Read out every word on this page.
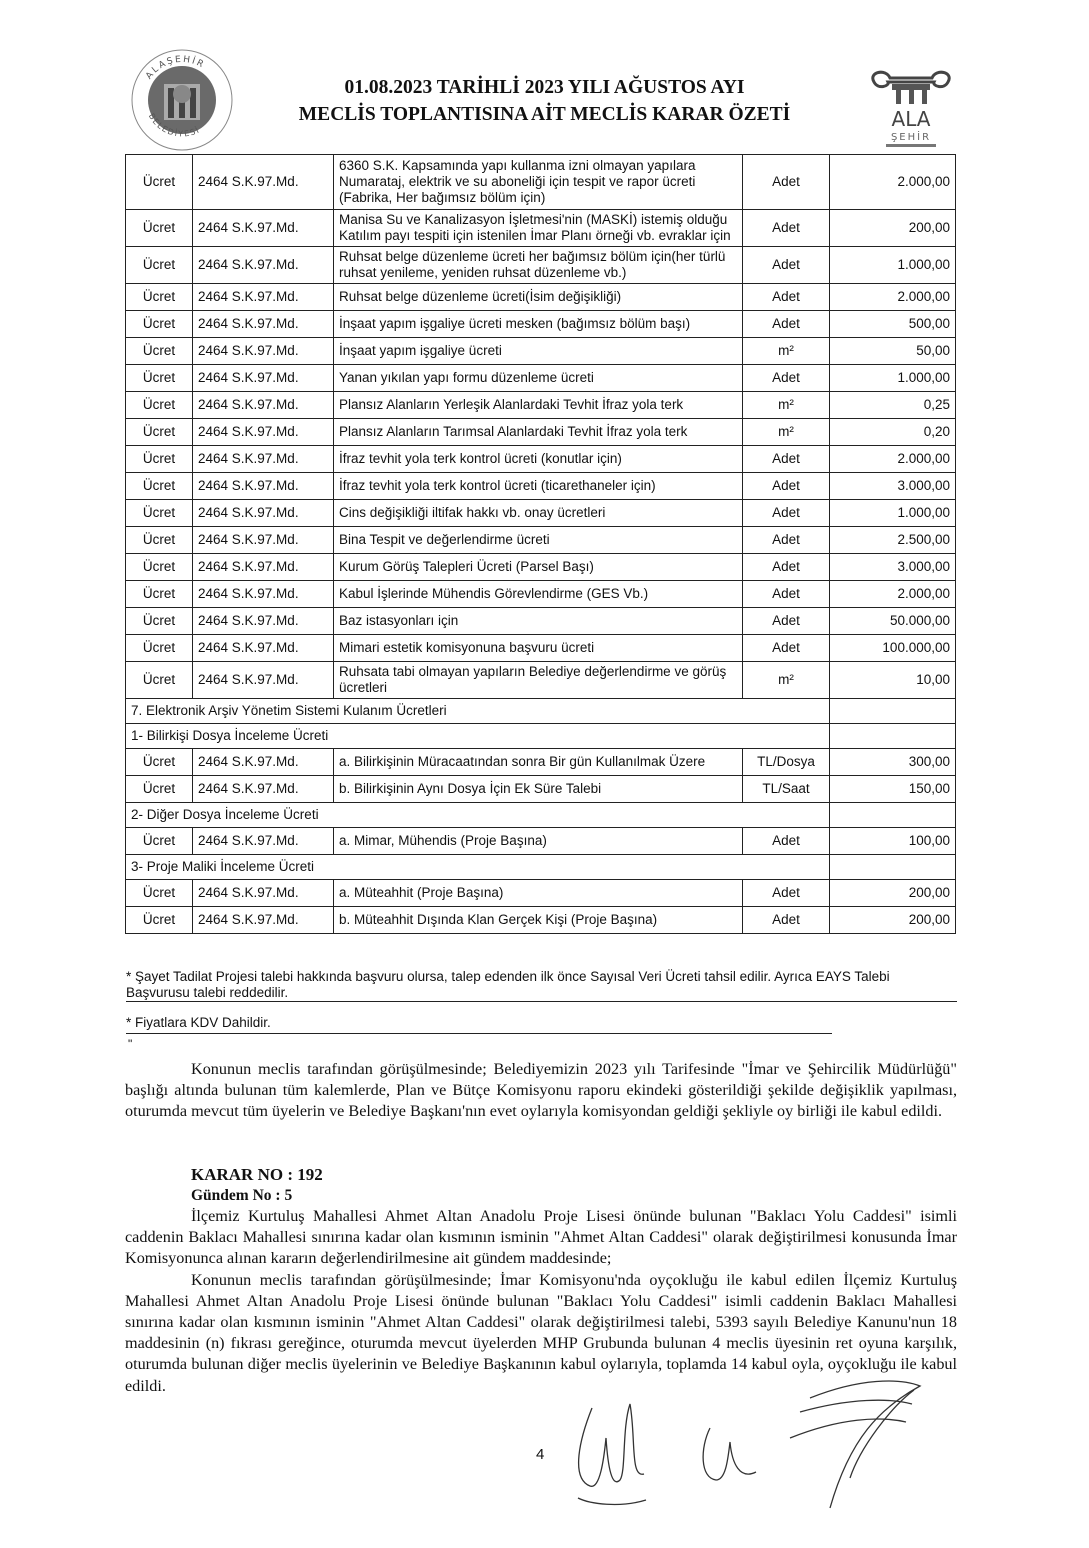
ALAŞEHİR
BELEDİYESİ	ALA
ŞEHİR
01.08.2023 TARİHLİ 2023 YILI AĞUSTOS AYI
MECLİS TOPLANTISINA AİT MECLİS KARAR ÖZETİ
Ücret	2464 S.K.97.Md.	6360 S.K. Kapsamında yapı kullanma izni olmayan yapılara
Numarataj, elektrik ve su aboneliği için tespit ve rapor ücreti
(Fabrika, Her bağımsız bölüm için)	Adet	2.000,00
Ücret	2464 S.K.97.Md.	Manisa Su ve Kanalizasyon İşletmesi'nin (MASKİ) istemiş olduğu
Katılım payı tespiti için istenilen İmar Planı örneği vb. evraklar için	Adet	200,00
Ücret	2464 S.K.97.Md.	Ruhsat belge düzenleme ücreti her bağımsız bölüm için(her türlü
ruhsat yenileme, yeniden ruhsat düzenleme vb.)	Adet	1.000,00
Ücret	2464 S.K.97.Md.	Ruhsat belge düzenleme ücreti(İsim değişikliği)	Adet	2.000,00
Ücret	2464 S.K.97.Md.	İnşaat yapım işgaliye ücreti mesken (bağımsız bölüm başı)	Adet	500,00
Ücret	2464 S.K.97.Md.	İnşaat yapım işgaliye ücreti	m²	50,00
Ücret	2464 S.K.97.Md.	Yanan yıkılan yapı formu düzenleme ücreti	Adet	1.000,00
Ücret	2464 S.K.97.Md.	Plansız Alanların Yerleşik Alanlardaki Tevhit İfraz yola terk	m²	0,25
Ücret	2464 S.K.97.Md.	Plansız Alanların Tarımsal Alanlardaki Tevhit İfraz yola terk	m²	0,20
Ücret	2464 S.K.97.Md.	İfraz tevhit yola terk kontrol ücreti (konutlar için)	Adet	2.000,00
Ücret	2464 S.K.97.Md.	İfraz tevhit yola terk kontrol ücreti (ticarethaneler için)	Adet	3.000,00
Ücret	2464 S.K.97.Md.	Cins değişikliği iltifak hakkı vb. onay ücretleri	Adet	1.000,00
Ücret	2464 S.K.97.Md.	Bina Tespit ve değerlendirme ücreti	Adet	2.500,00
Ücret	2464 S.K.97.Md.	Kurum Görüş Talepleri Ücreti (Parsel Başı)	Adet	3.000,00
Ücret	2464 S.K.97.Md.	Kabul İşlerinde Mühendis Görevlendirme (GES Vb.)	Adet	2.000,00
Ücret	2464 S.K.97.Md.	Baz istasyonları için	Adet	50.000,00
Ücret	2464 S.K.97.Md.	Mimari estetik komisyonuna başvuru ücreti	Adet	100.000,00
Ücret	2464 S.K.97.Md.	Ruhsata tabi olmayan yapıların Belediye değerlendirme ve görüş
ücretleri	m²	10,00
7. Elektronik Arşiv Yönetim Sistemi Kulanım Ücretleri				
1- Bilirkişi Dosya İnceleme Ücreti				
Ücret	2464 S.K.97.Md.	a. Bilirkişinin Müracaatından sonra Bir gün Kullanılmak Üzere	TL/Dosya	300,00
Ücret	2464 S.K.97.Md.	b. Bilirkişinin Aynı Dosya İçin Ek Süre Talebi	TL/Saat	150,00
2- Diğer Dosya İnceleme Ücreti				
Ücret	2464 S.K.97.Md.	a. Mimar, Mühendis (Proje Başına)	Adet	100,00
3- Proje Maliki İnceleme Ücreti				
Ücret	2464 S.K.97.Md.	a. Müteahhit (Proje Başına)	Adet	200,00
Ücret	2464 S.K.97.Md.	b. Müteahhit Dışında Klan Gerçek Kişi (Proje Başına)	Adet	200,00
* Şayet Tadilat Projesi talebi hakkında başvuru olursa, talep edenden ilk önce Sayısal Veri Ücreti tahsil edilir. Ayrıca EAYS Talebi
Başvurusu talebi reddedilir.
* Fiyatlara KDV Dahildir.
"

Konunun meclis tarafından görüşülmesinde; Belediyemizin 2023 yılı Tarifesinde "İmar ve Şehircilik Müdürlüğü" başlığı altında bulunan tüm kalemlerde, Plan ve Bütçe Komisyonu raporu ekindeki gösterildiği şekilde değişiklik yapılması, oturumda mevcut tüm üyelerin ve Belediye Başkanı'nın evet oylarıyla komisyondan geldiği şekliyle oy birliği ile kabul edildi.

KARAR NO : 192
Gündem No : 5

İlçemiz Kurtuluş Mahallesi Ahmet Altan Anadolu Proje Lisesi önünde bulunan "Baklacı Yolu Caddesi" isimli caddenin Baklacı Mahallesi sınırına kadar olan kısmının isminin "Ahmet Altan Caddesi" olarak değiştirilmesi konusunda İmar Komisyonunca alınan kararın değerlendirilmesine ait gündem maddesinde;

Konunun meclis tarafından görüşülmesinde; İmar Komisyonu'nda oyçokluğu ile kabul edilen İlçemiz Kurtuluş Mahallesi Ahmet Altan Anadolu Proje Lisesi önünde bulunan "Baklacı Yolu Caddesi" isimli caddenin Baklacı Mahallesi sınırına kadar olan kısmının isminin "Ahmet Altan Caddesi" olarak değiştirilmesi talebi, 5393 sayılı Belediye Kanunu'nun 18 maddesinin (n) fıkrası gereğince, oturumda mevcut üyelerden MHP Grubunda bulunan 4 meclis üyesinin ret oyuna karşılık, oturumda bulunan diğer meclis üyelerinin ve Belediye Başkanının kabul oylarıyla, toplamda 14 kabul oyla, oyçokluğu ile kabul edildi.

4
